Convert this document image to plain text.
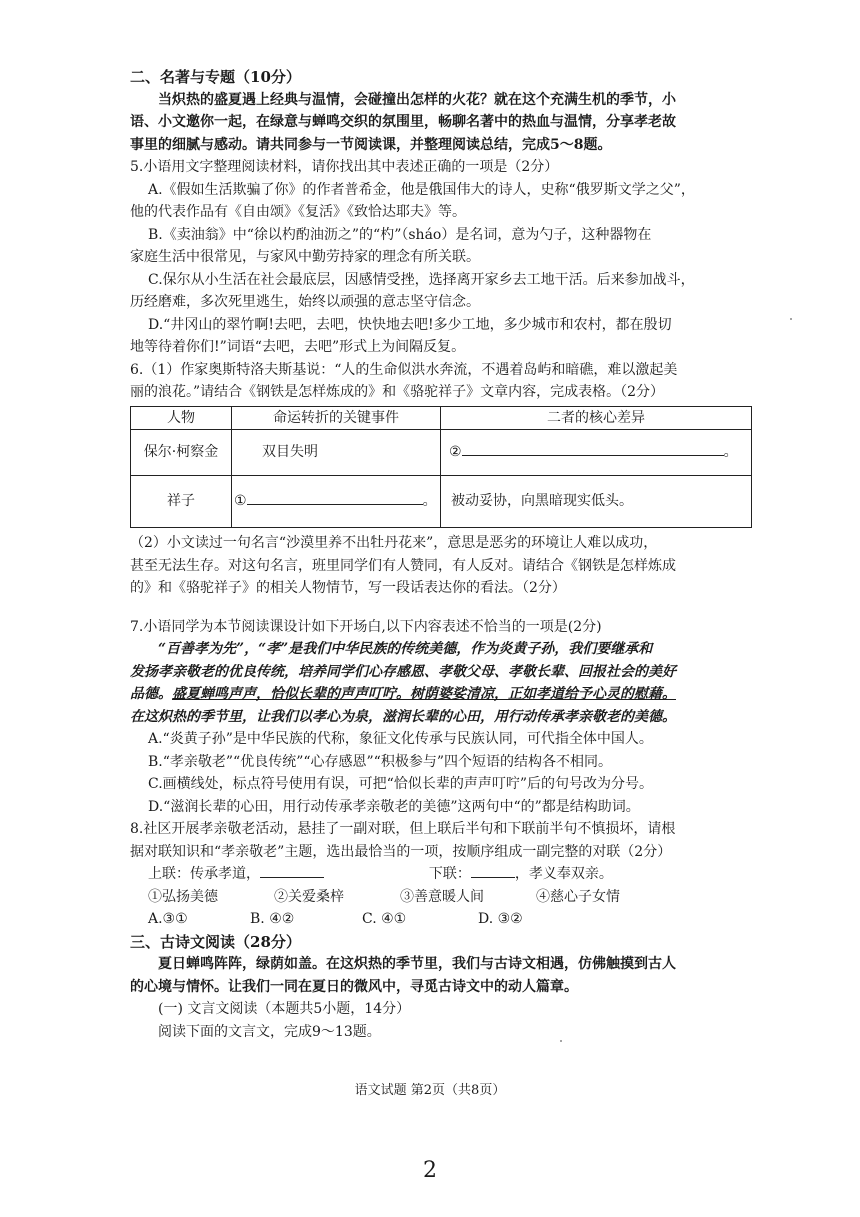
二、名著与专题（10分）
当炽热的盛夏遇上经典与温情，会碰撞出怎样的火花？就在这个充满生机的季节，小
语、小文邀你一起，在绿意与蝉鸣交织的氛围里，畅聊名著中的热血与温情，分享孝老故
事里的细腻与感动。请共同参与一节阅读课，并整理阅读总结，完成5～8题。
5.小语用文字整理阅读材料，请你找出其中表述正确的一项是（2分）
A.《假如生活欺骗了你》的作者普希金，他是俄国伟大的诗人，史称“俄罗斯文学之父”，
他的代表作品有《自由颂》《复活》《致恰达耶夫》等。
B.《卖油翁》中“徐以杓酌油沥之”的“杓”（sháo）是名词，意为勺子，这种器物在
家庭生活中很常见，与家风中勤劳持家的理念有所关联。
C.保尔从小生活在社会最底层，因感情受挫，选择离开家乡去工地干活。后来参加战斗，
历经磨难，多次死里逃生，始终以顽强的意志坚守信念。
D.“井冈山的翠竹啊!去吧，去吧，快快地去吧!多少工地，多少城市和农村，都在殷切
地等待着你们!”词语“去吧，去吧”形式上为间隔反复。
6.（1）作家奥斯特洛夫斯基说：“人的生命似洪水奔流，不遇着岛屿和暗礁，难以激起美
丽的浪花。”请结合《钢铁是怎样炼成的》和《骆驼祥子》文章内容，完成表格。（2分）
人物	命运转折的关键事件	二者的核心差异
保尔·柯察金	双目失明	② 。
祥子	① 。	被动妥协，向黑暗现实低头。
（2）小文读过一句名言“沙漠里养不出牡丹花来”，意思是恶劣的环境让人难以成功，
甚至无法生存。对这句名言，班里同学们有人赞同，有人反对。请结合《钢铁是怎样炼成
的》和《骆驼祥子》的相关人物情节，写一段话表达你的看法。（2分）
7.小语同学为本节阅读课设计如下开场白,以下内容表述不恰当的一项是(2分)
“百善孝为先”，“孝”是我们中华民族的传统美德，作为炎黄子孙，我们要继承和
发扬孝亲敬老的优良传统，培养同学们心存感恩、孝敬父母、孝敬长辈、回报社会的美好
品德。盛夏蝉鸣声声，恰似长辈的声声叮咛。树荫婆娑清凉，正如孝道给予心灵的慰藉。
在这炽热的季节里，让我们以孝心为泉，滋润长辈的心田，用行动传承孝亲敬老的美德。
A.“炎黄子孙”是中华民族的代称，象征文化传承与民族认同，可代指全体中国人。
B.“孝亲敬老”“优良传统”“心存感恩”“积极参与”四个短语的结构各不相同。
C.画横线处，标点符号使用有误，可把“恰似长辈的声声叮咛”后的句号改为分号。
D.“滋润长辈的心田，用行动传承孝亲敬老的美德”这两句中“的”都是结构助词。
8.社区开展孝亲敬老活动，悬挂了一副对联，但上联后半句和下联前半句不慎损坏，请根
据对联知识和“孝亲敬老”主题，选出最恰当的一项，按顺序组成一副完整的对联（2分）
上联：传承孝道，	下联：	，孝义奉双亲。
①弘扬美德	②关爱桑梓	③善意暖人间	④慈心子女情
A.③①	B. ④②	C. ④①	D. ③②
三、古诗文阅读（28分）
夏日蝉鸣阵阵，绿荫如盖。在这炽热的季节里，我们与古诗文相遇，仿佛触摸到古人
的心境与情怀。让我们一同在夏日的微风中，寻觅古诗文中的动人篇章。
(一) 文言文阅读（本题共5小题，14分）
阅读下面的文言文，完成9～13题。
语文试题 第2页（共8页）
2
